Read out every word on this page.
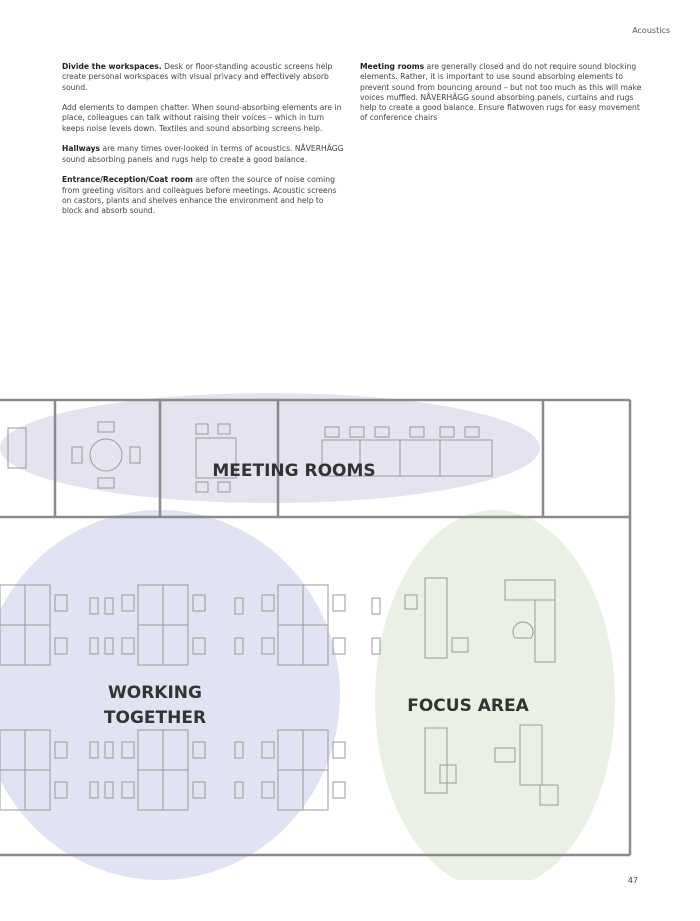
Acoustics

Divide the workspaces. Desk or floor-standing acoustic screens help create personal workspaces with visual privacy and effectively absorb sound.

Add elements to dampen chatter. When sound-absorbing elements are in place, colleagues can talk without raising their voices – which in turn keeps noise levels down. Textiles and sound absorbing screens help.

Hallways are many times over-looked in terms of acoustics. NÅVERHÄGG sound absorbing panels and rugs help to create a good balance.

Entrance/Reception/Coat room are often the source of noise coming from greeting visitors and colleagues before meetings. Acoustic screens on castors, plants and shelves enhance the environment and help to block and absorb sound.

Meeting rooms are generally closed and do not require sound blocking elements. Rather, it is important to use sound absorbing elements to prevent sound from bouncing around – but not too much as this will make voices muffled. NÅVERHÄGG sound absorbing panels, curtains and rugs help to create a good balance. Ensure flatwoven rugs for easy movement of conference chairs

MEETING ROOMS
WORKING
TOGETHER
FOCUS AREA
47
